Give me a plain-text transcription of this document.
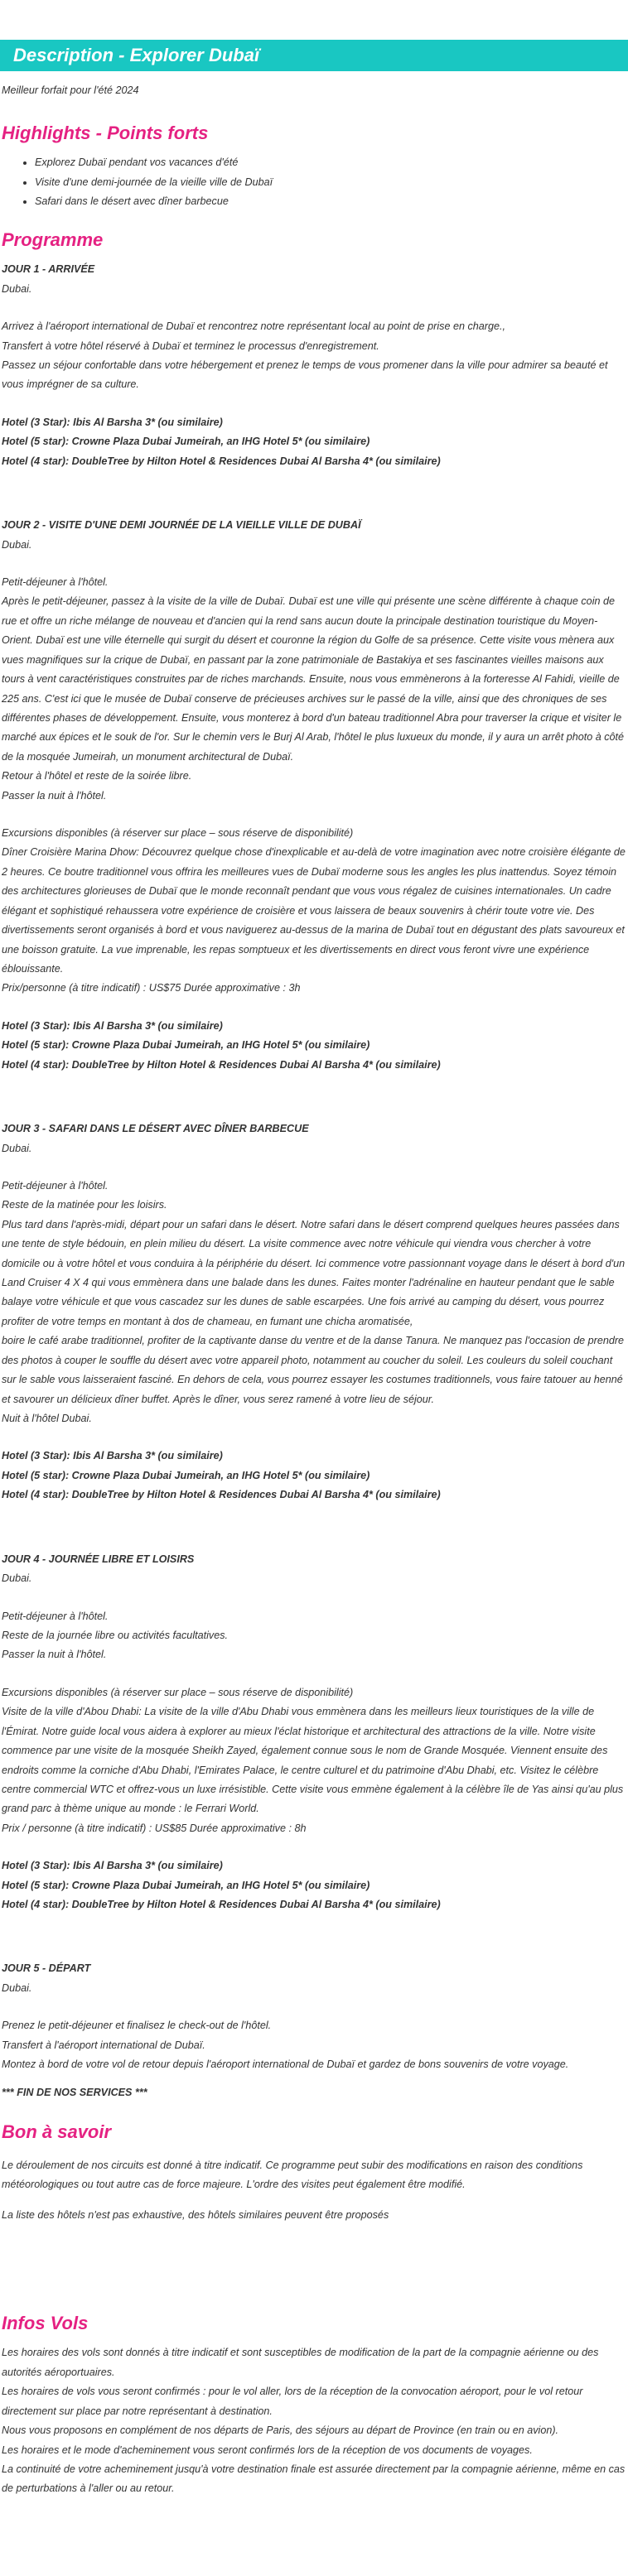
Description - Explorer Dubaï

Meilleur forfait pour l'été 2024

Highlights - Points forts
• Explorez Dubaï pendant vos vacances d'été
• Visite d'une demi-journée de la vieille ville de Dubaï
• Safari dans le désert avec dîner barbecue
Programme

JOUR 1 - ARRIVÉE

Dubai.

Arrivez à l'aéroport international de Dubaï et rencontrez notre représentant local au point de prise en charge.,

Transfert à votre hôtel réservé à Dubaï et terminez le processus d'enregistrement.

Passez un séjour confortable dans votre hébergement et prenez le temps de vous promener dans la ville pour admirer sa beauté et vous imprégner de sa culture.

Hotel (3 Star): Ibis Al Barsha 3* (ou similaire)

Hotel (5 star): Crowne Plaza Dubai Jumeirah, an IHG Hotel 5* (ou similaire)

Hotel (4 star): DoubleTree by Hilton Hotel & Residences Dubai Al Barsha 4* (ou similaire)

JOUR 2 - VISITE D'UNE DEMI JOURNÉE DE LA VIEILLE VILLE DE DUBAÏ

Dubai.

Petit-déjeuner à l'hôtel.

Après le petit-déjeuner, passez à la visite de la ville de Dubaï. Dubaï est une ville qui présente une scène différente à chaque coin de rue et offre un riche mélange de nouveau et d'ancien qui la rend sans aucun doute la principale destination touristique du Moyen-Orient. Dubaï est une ville éternelle qui surgit du désert et couronne la région du Golfe de sa présence. Cette visite vous mènera aux vues magnifiques sur la crique de Dubaï, en passant par la zone patrimoniale de Bastakiya et ses fascinantes vieilles maisons aux tours à vent caractéristiques construites par de riches marchands. Ensuite, nous vous emmènerons à la forteresse Al Fahidi, vieille de 225 ans. C'est ici que le musée de Dubaï conserve de précieuses archives sur le passé de la ville, ainsi que des chroniques de ses différentes phases de développement. Ensuite, vous monterez à bord d'un bateau traditionnel Abra pour traverser la crique et visiter le marché aux épices et le souk de l'or. Sur le chemin vers le Burj Al Arab, l'hôtel le plus luxueux du monde, il y aura un arrêt photo à côté de la mosquée Jumeirah, un monument architectural de Dubaï.

Retour à l'hôtel et reste de la soirée libre.

Passer la nuit à l'hôtel.

Excursions disponibles (à réserver sur place – sous réserve de disponibilité)

Dîner Croisière Marina Dhow: Découvrez quelque chose d'inexplicable et au-delà de votre imagination avec notre croisière élégante de 2 heures. Ce boutre traditionnel vous offrira les meilleures vues de Dubaï moderne sous les angles les plus inattendus. Soyez témoin des architectures glorieuses de Dubaï que le monde reconnaît pendant que vous vous régalez de cuisines internationales. Un cadre élégant et sophistiqué rehaussera votre expérience de croisière et vous laissera de beaux souvenirs à chérir toute votre vie. Des divertissements seront organisés à bord et vous naviguerez au-dessus de la marina de Dubaï tout en dégustant des plats savoureux et une boisson gratuite. La vue imprenable, les repas somptueux et les divertissements en direct vous feront vivre une expérience éblouissante.

Prix/personne (à titre indicatif) : US$75 Durée approximative : 3h

Hotel (3 Star): Ibis Al Barsha 3* (ou similaire)

Hotel (5 star): Crowne Plaza Dubai Jumeirah, an IHG Hotel 5* (ou similaire)

Hotel (4 star): DoubleTree by Hilton Hotel & Residences Dubai Al Barsha 4* (ou similaire)

JOUR 3 - SAFARI DANS LE DÉSERT AVEC DÎNER BARBECUE

Dubai.

Petit-déjeuner à l'hôtel.

Reste de la matinée pour les loisirs.

Plus tard dans l'après-midi, départ pour un safari dans le désert. Notre safari dans le désert comprend quelques heures passées dans une tente de style bédouin, en plein milieu du désert. La visite commence avec notre véhicule qui viendra vous chercher à votre domicile ou à votre hôtel et vous conduira à la périphérie du désert. Ici commence votre passionnant voyage dans le désert à bord d'un Land Cruiser 4 X 4 qui vous emmènera dans une balade dans les dunes. Faites monter l'adrénaline en hauteur pendant que le sable balaye votre véhicule et que vous cascadez sur les dunes de sable escarpées. Une fois arrivé au camping du désert, vous pourrez profiter de votre temps en montant à dos de chameau, en fumant une chicha aromatisée,

boire le café arabe traditionnel, profiter de la captivante danse du ventre et de la danse Tanura. Ne manquez pas l'occasion de prendre des photos à couper le souffle du désert avec votre appareil photo, notamment au coucher du soleil. Les couleurs du soleil couchant sur le sable vous laisseraient fasciné. En dehors de cela, vous pourrez essayer les costumes traditionnels, vous faire tatouer au henné et savourer un délicieux dîner buffet. Après le dîner, vous serez ramené à votre lieu de séjour.

Nuit à l'hôtel Dubai.

Hotel (3 Star): Ibis Al Barsha 3* (ou similaire)

Hotel (5 star): Crowne Plaza Dubai Jumeirah, an IHG Hotel 5* (ou similaire)

Hotel (4 star): DoubleTree by Hilton Hotel & Residences Dubai Al Barsha 4* (ou similaire)

JOUR 4 - JOURNÉE LIBRE ET LOISIRS

Dubai.

Petit-déjeuner à l'hôtel.

Reste de la journée libre ou activités facultatives.

Passer la nuit à l'hôtel.

Excursions disponibles (à réserver sur place – sous réserve de disponibilité)

Visite de la ville d'Abou Dhabi: La visite de la ville d'Abu Dhabi vous emmènera dans les meilleurs lieux touristiques de la ville de l'Émirat. Notre guide local vous aidera à explorer au mieux l'éclat historique et architectural des attractions de la ville. Notre visite commence par une visite de la mosquée Sheikh Zayed, également connue sous le nom de Grande Mosquée. Viennent ensuite des endroits comme la corniche d'Abu Dhabi, l'Emirates Palace, le centre culturel et du patrimoine d'Abu Dhabi, etc. Visitez le célèbre centre commercial WTC et offrez-vous un luxe irrésistible. Cette visite vous emmène également à la célèbre île de Yas ainsi qu'au plus grand parc à thème unique au monde : le Ferrari World.

Prix / personne (à titre indicatif) : US$85 Durée approximative : 8h

Hotel (3 Star): Ibis Al Barsha 3* (ou similaire)

Hotel (5 star): Crowne Plaza Dubai Jumeirah, an IHG Hotel 5* (ou similaire)

Hotel (4 star): DoubleTree by Hilton Hotel & Residences Dubai Al Barsha 4* (ou similaire)

JOUR 5 - DÉPART

Dubai.

Prenez le petit-déjeuner et finalisez le check-out de l'hôtel.

Transfert à l'aéroport international de Dubaï.

Montez à bord de votre vol de retour depuis l'aéroport international de Dubaï et gardez de bons souvenirs de votre voyage.

*** FIN DE NOS SERVICES ***

Bon à savoir

Le déroulement de nos circuits est donné à titre indicatif. Ce programme peut subir des modifications en raison des conditions météorologiques ou tout autre cas de force majeure. L'ordre des visites peut également être modifié.

La liste des hôtels n'est pas exhaustive, des hôtels similaires peuvent être proposés

Infos Vols

Les horaires des vols sont donnés à titre indicatif et sont susceptibles de modification de la part de la compagnie aérienne ou des autorités aéroportuaires.

Les horaires de vols vous seront confirmés : pour le vol aller, lors de la réception de la convocation aéroport, pour le vol retour directement sur place par notre représentant à destination.

Nous vous proposons en complément de nos départs de Paris, des séjours au départ de Province (en train ou en avion).

Les horaires et le mode d'acheminement vous seront confirmés lors de la réception de vos documents de voyages.

La continuité de votre acheminement jusqu'à votre destination finale est assurée directement par la compagnie aérienne, même en cas de perturbations à l'aller ou au retour.
